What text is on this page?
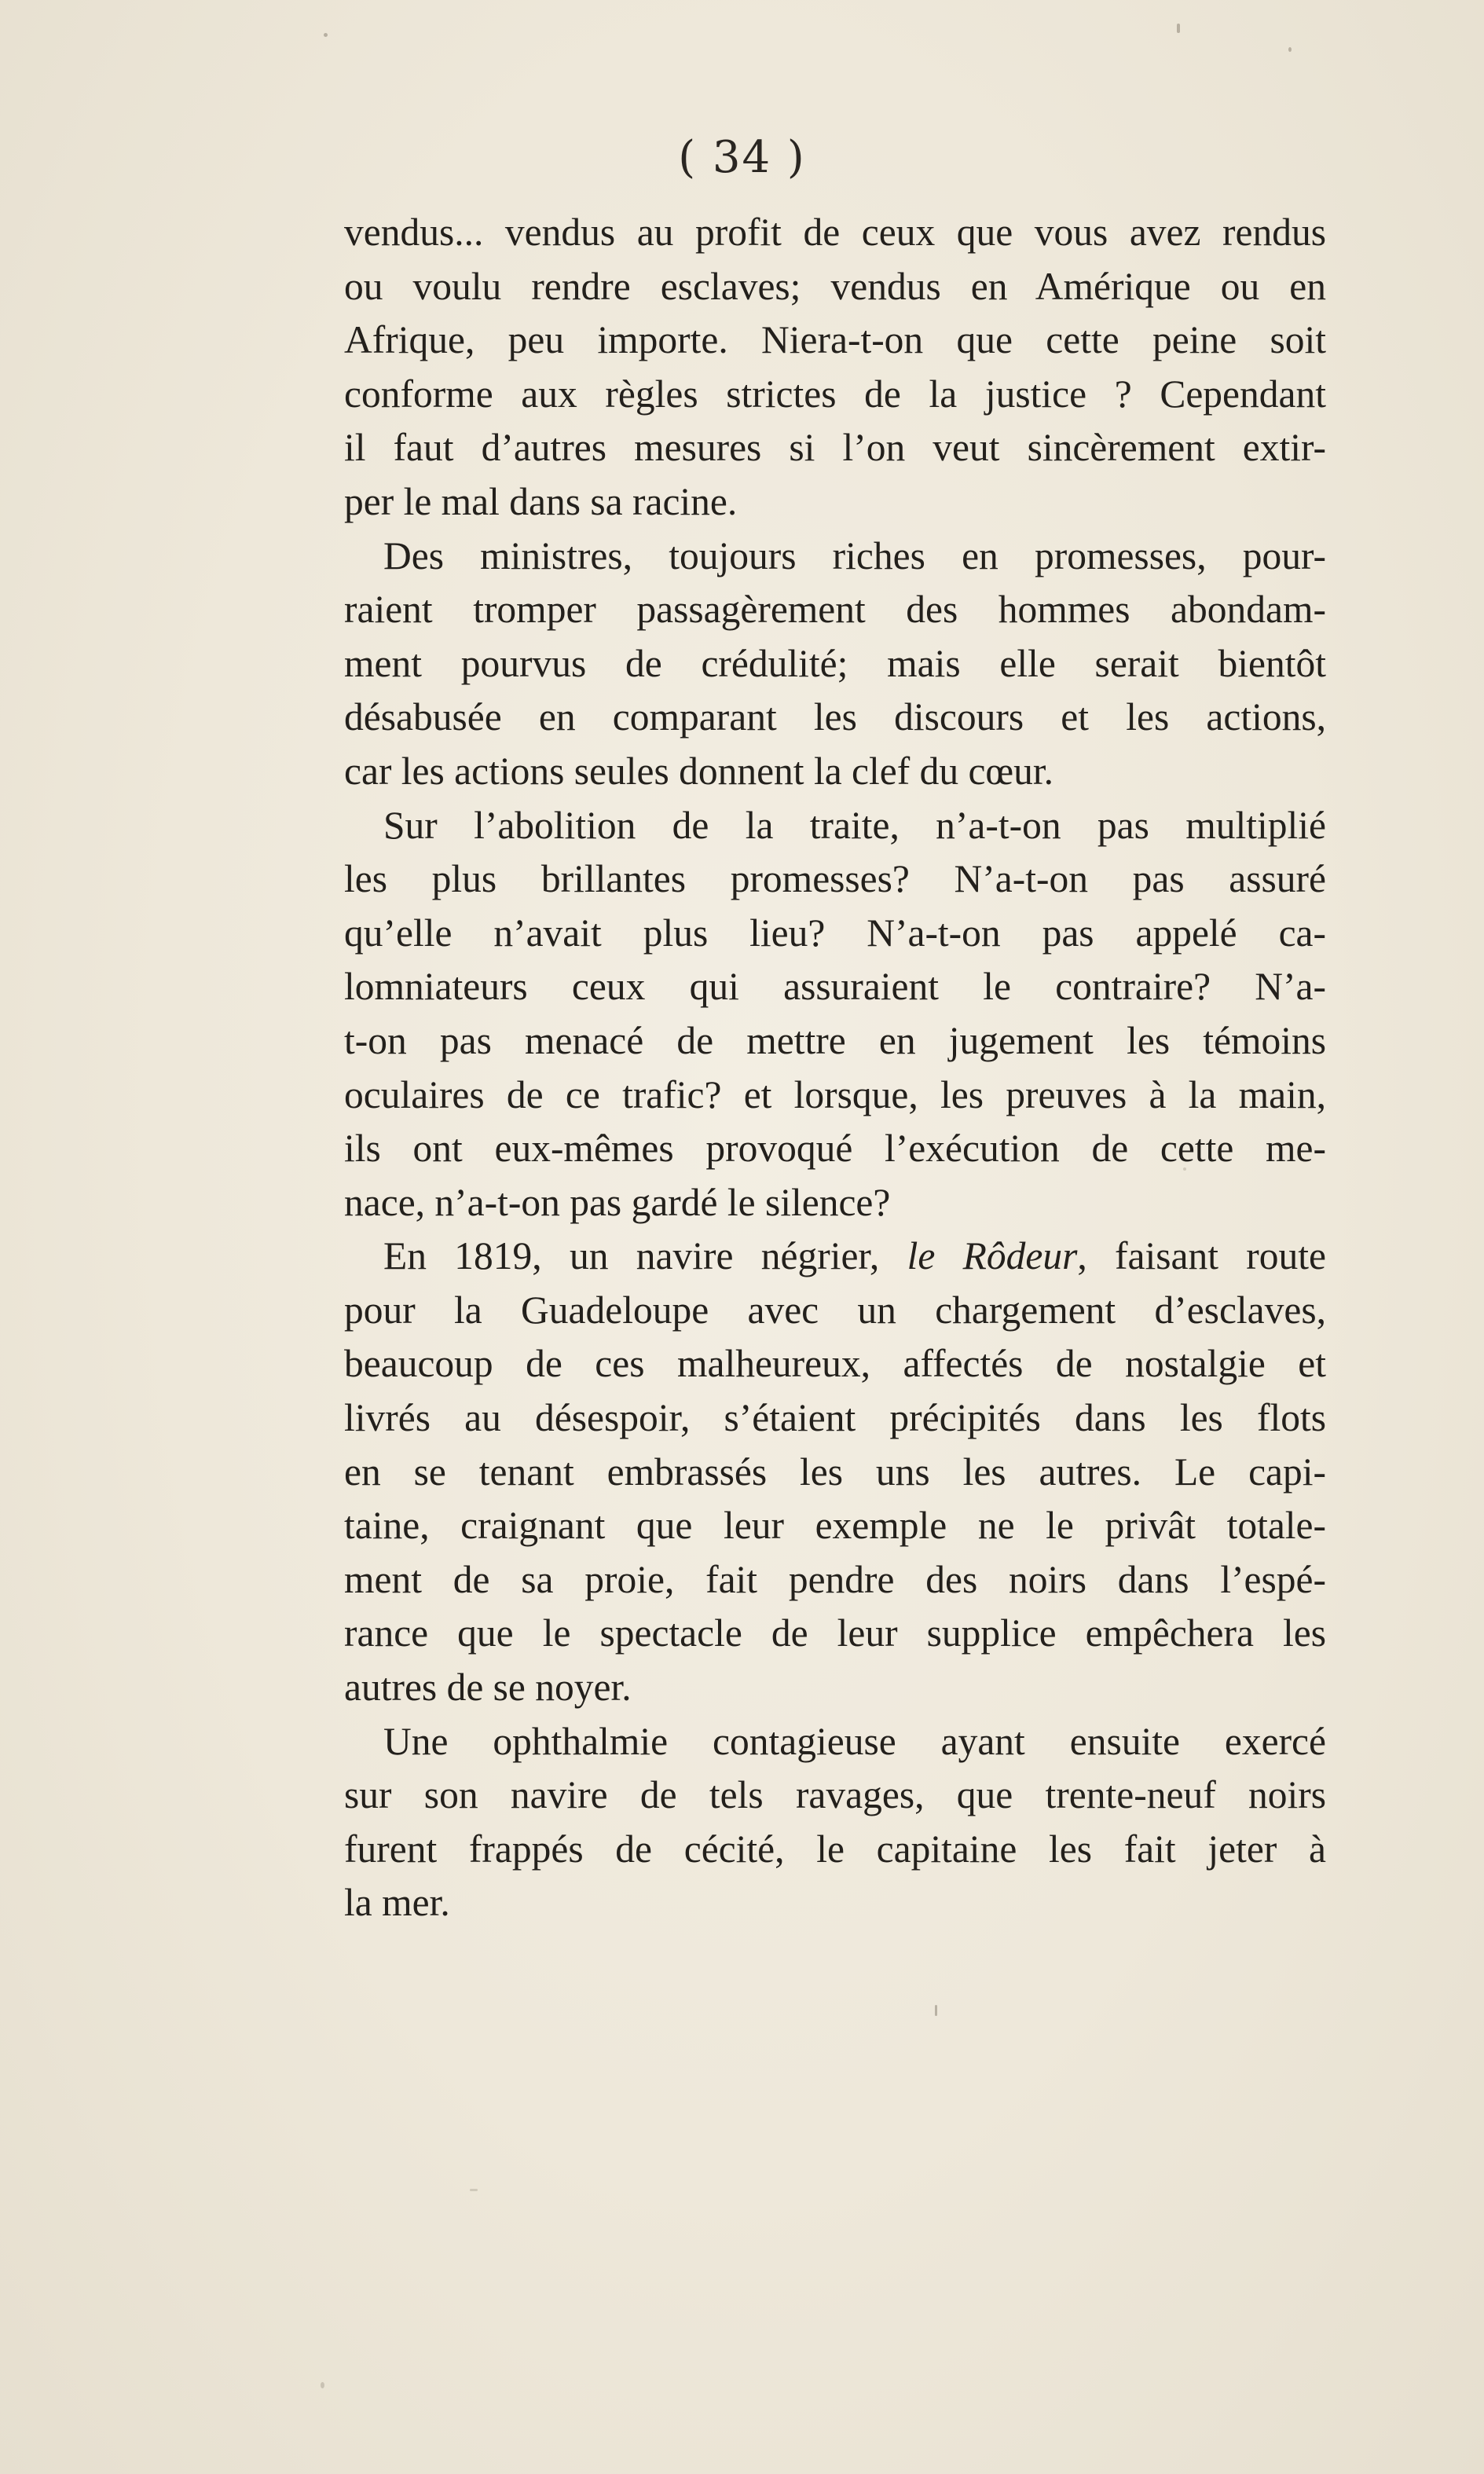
( 34 )
vendus... vendus au profit de ceux que vous avez rendus
ou voulu rendre esclaves; vendus en Amérique ou en
Afrique, peu importe. Niera-t-on que cette peine soit
conforme aux règles strictes de la justice ? Cependant
il faut d’autres mesures si l’on veut sincèrement extir-
per le mal dans sa racine.
Des ministres, toujours riches en promesses, pour-
raient tromper passagèrement des hommes abondam-
ment pourvus de crédulité; mais elle serait bientôt
désabusée en comparant les discours et les actions,
car les actions seules donnent la clef du cœur.
Sur l’abolition de la traite, n’a-t-on pas multiplié
les plus brillantes promesses? N’a-t-on pas assuré
qu’elle n’avait plus lieu? N’a-t-on pas appelé ca-
lomniateurs ceux qui assuraient le contraire? N’a-
t-on pas menacé de mettre en jugement les témoins
oculaires de ce trafic? et lorsque, les preuves à la main,
ils ont eux-mêmes provoqué l’exécution de cette me-
nace, n’a-t-on pas gardé le silence?
En 1819, un navire négrier, le Rôdeur, faisant route
pour la Guadeloupe avec un chargement d’esclaves,
beaucoup de ces malheureux, affectés de nostalgie et
livrés au désespoir, s’étaient précipités dans les flots
en se tenant embrassés les uns les autres. Le capi-
taine, craignant que leur exemple ne le privât totale-
ment de sa proie, fait pendre des noirs dans l’espé-
rance que le spectacle de leur supplice empêchera les
autres de se noyer.
Une ophthalmie contagieuse ayant ensuite exercé
sur son navire de tels ravages, que trente-neuf noirs
furent frappés de cécité, le capitaine les fait jeter à
la mer.
